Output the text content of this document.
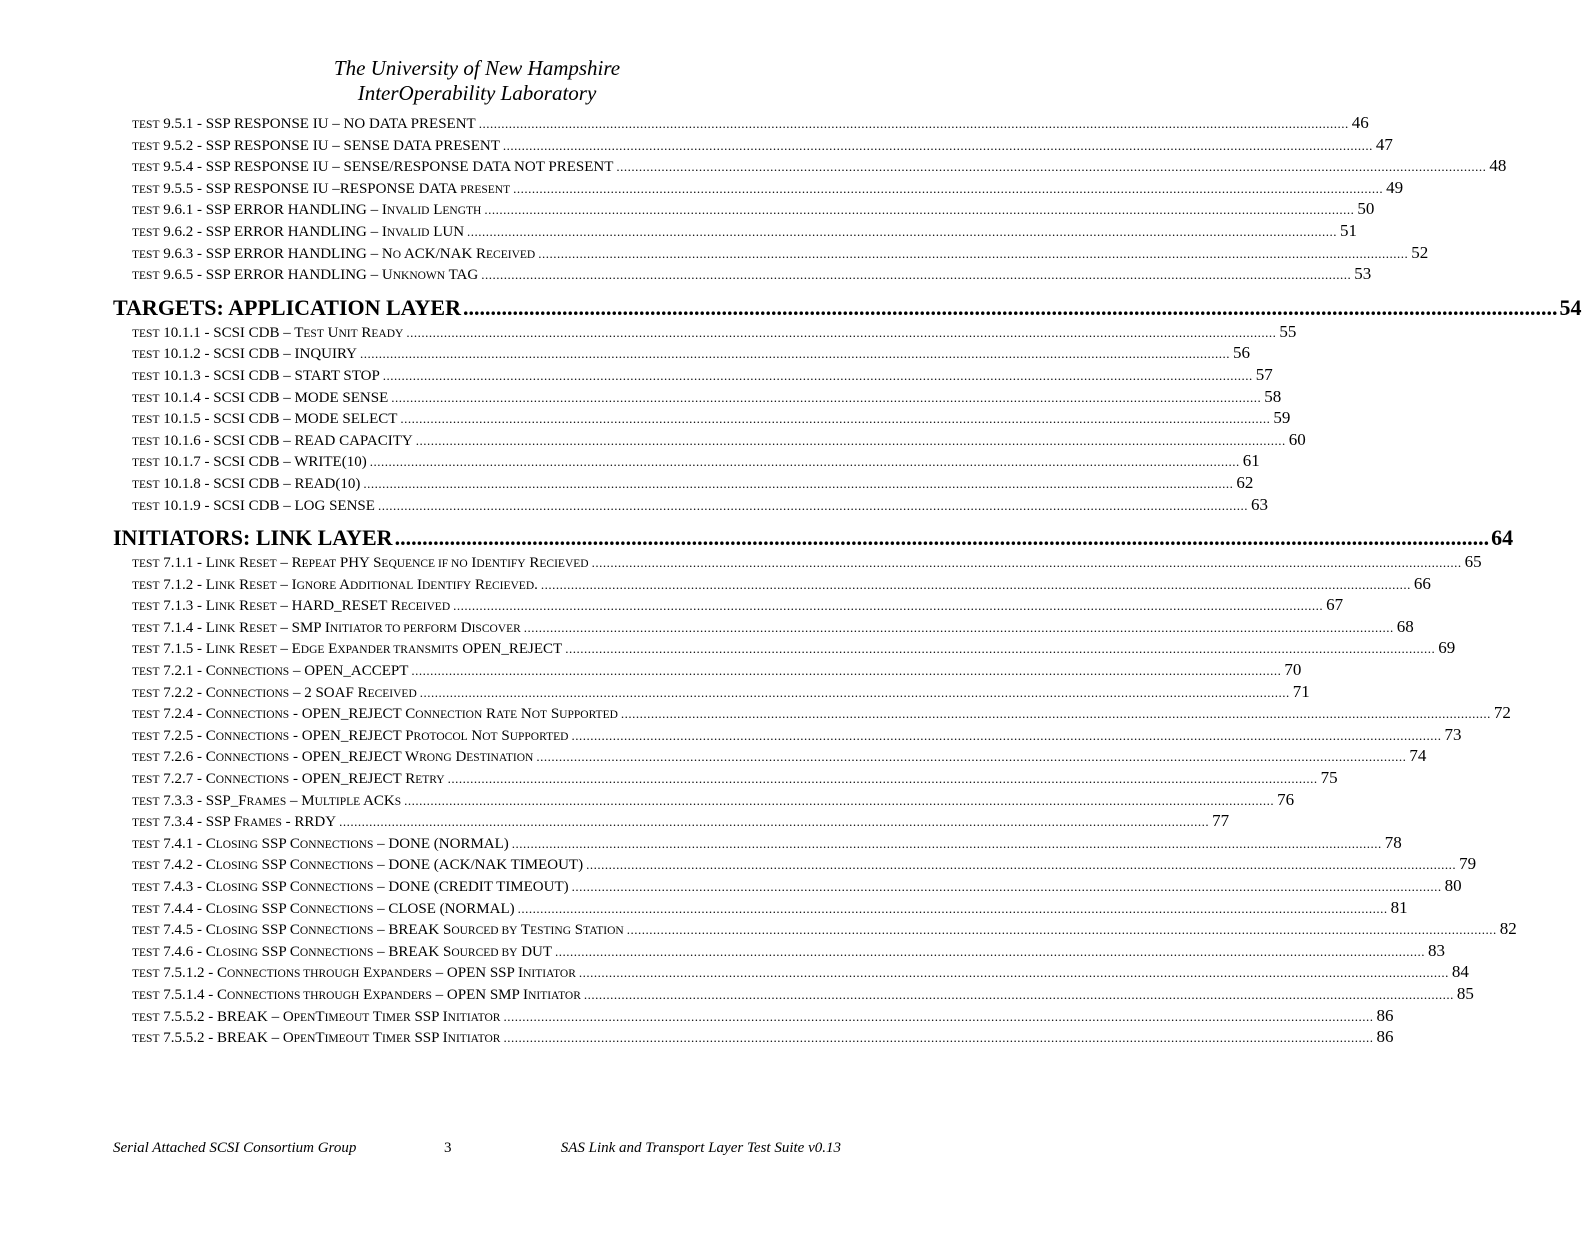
The University of New Hampshire
InterOperability Laboratory
TEST 9.5.1 - SSP RESPONSE IU – NO DATA PRESENT .....	46
TEST 9.5.2 - SSP RESPONSE IU – SENSE DATA PRESENT .....	47
TEST 9.5.4 - SSP RESPONSE IU – SENSE/RESPONSE DATA NOT PRESENT .....	48
TEST 9.5.5 - SSP RESPONSE IU –RESPONSE DATA PRESENT .....	49
TEST 9.6.1 - SSP ERROR HANDLING – INVALID LENGTH .....	50
TEST 9.6.2 - SSP ERROR HANDLING – INVALID LUN .....	51
TEST 9.6.3 - SSP ERROR HANDLING – NO ACK/NAK RECEIVED .....	52
TEST 9.6.5 - SSP ERROR HANDLING – UNKNOWN TAG .....	53
TARGETS: APPLICATION LAYER .....	54
TEST 10.1.1 - SCSI CDB – TEST UNIT READY .....	55
TEST 10.1.2 - SCSI CDB – INQUIRY .....	56
TEST 10.1.3 - SCSI CDB – START STOP .....	57
TEST 10.1.4 - SCSI CDB – MODE SENSE .....	58
TEST 10.1.5 - SCSI CDB – MODE SELECT .....	59
TEST 10.1.6 - SCSI CDB – READ CAPACITY .....	60
TEST 10.1.7 - SCSI CDB – WRITE(10) .....	61
TEST 10.1.8 - SCSI CDB – READ(10) .....	62
TEST 10.1.9 - SCSI CDB – LOG SENSE .....	63
INITIATORS: LINK LAYER .....	64
TEST 7.1.1 - LINK RESET – REPEAT PHY SEQUENCE IF NO IDENTIFY RECIEVED .....	65
TEST 7.1.2 - LINK RESET – IGNORE ADDITIONAL IDENTIFY RECIEVED. .....	66
TEST 7.1.3 - LINK RESET – HARD_RESET RECEIVED .....	67
TEST 7.1.4 - LINK RESET – SMP INITIATOR TO PERFORM DISCOVER .....	68
TEST 7.1.5 - LINK RESET – EDGE EXPANDER TRANSMITS OPEN_REJECT .....	69
TEST 7.2.1 - CONNECTIONS – OPEN_ACCEPT .....	70
TEST 7.2.2 - CONNECTIONS – 2 SOAF RECEIVED .....	71
TEST 7.2.4 - CONNECTIONS - OPEN_REJECT CONNECTION RATE NOT SUPPORTED .....	72
TEST 7.2.5 - CONNECTIONS - OPEN_REJECT PROTOCOL NOT SUPPORTED .....	73
TEST 7.2.6 - CONNECTIONS - OPEN_REJECT WRONG DESTINATION .....	74
TEST 7.2.7 - CONNECTIONS - OPEN_REJECT RETRY .....	75
TEST 7.3.3 - SSP_FRAMES – MULTIPLE ACKS .....	76
TEST 7.3.4 - SSP FRAMES - RRDY .....	77
TEST 7.4.1 - CLOSING SSP CONNECTIONS – DONE (NORMAL) .....	78
TEST 7.4.2 - CLOSING SSP CONNECTIONS – DONE (ACK/NAK TIMEOUT) .....	79
TEST 7.4.3 - CLOSING SSP CONNECTIONS – DONE (CREDIT TIMEOUT) .....	80
TEST 7.4.4 - CLOSING SSP CONNECTIONS – CLOSE (NORMAL) .....	81
TEST 7.4.5 - CLOSING SSP CONNECTIONS – BREAK SOURCED BY TESTING STATION .....	82
TEST 7.4.6 - CLOSING SSP CONNECTIONS – BREAK SOURCED BY DUT .....	83
TEST 7.5.1.2 - CONNECTIONS THROUGH EXPANDERS – OPEN SSP INITIATOR .....	84
TEST 7.5.1.4 - CONNECTIONS THROUGH EXPANDERS – OPEN SMP INITIATOR .....	85
TEST 7.5.5.2 - BREAK – OPENTIMEOUT TIMER SSP INITIATOR .....	86
TEST 7.5.5.2 - BREAK – OPENTIMEOUT TIMER SSP INITIATOR .....	86
Serial Attached SCSI Consortium Group	3	SAS Link and Transport Layer Test Suite v0.13
